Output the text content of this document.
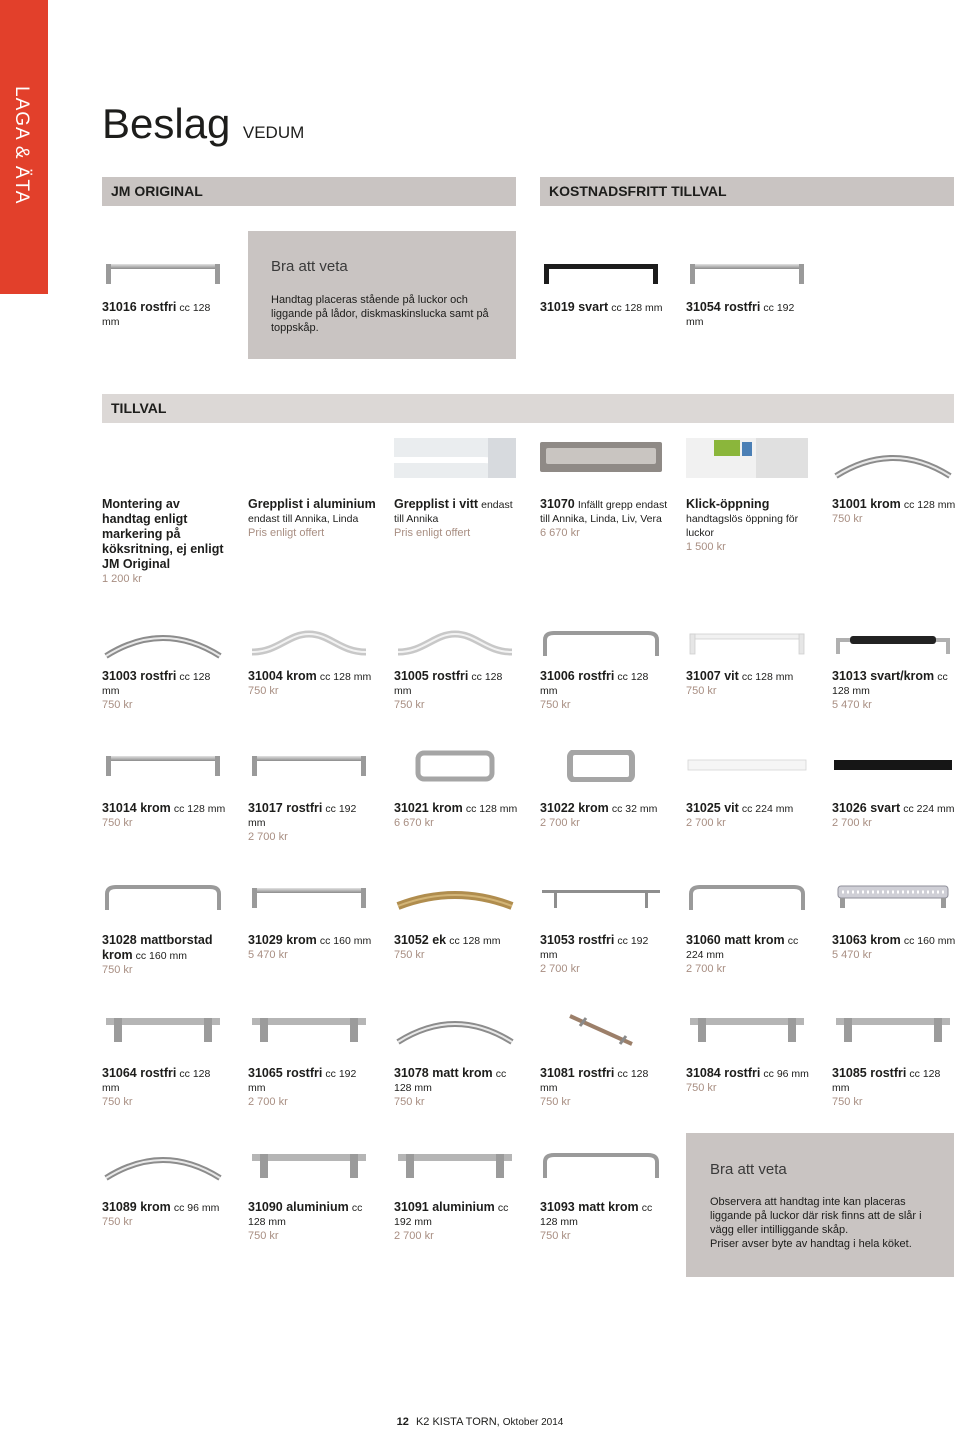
LAGA & ÄTA Beslag VEDUM
JM ORIGINAL	KOSTNADSFRITT TILLVAL
TILLVAL
Bra att veta
Handtag placeras stående på luckor och liggande på lådor, diskmaskinslucka samt på toppskåp.
Bra att veta
Observera att handtag inte kan placeras liggande på luckor där risk finns att de slår i vägg eller intilliggande skåp.
Priser avser byte av handtag i hela köket.
31016 rostfri cc 128 mm
31019 svart cc 128 mm	31054 rostfri cc 192 mm
Montering av handtag enligt markering på köksritning, ej enligt JM Original
1 200 kr
Grepplist i aluminium endast till Annika, Linda
Pris enligt offert
Grepplist i vitt endast till Annika
Pris enligt offert
31070 Infällt grepp endast till Annika, Linda, Liv, Vera
6 670 kr
Klick-öppning handtagslös öppning för luckor
1 500 kr
31001 krom cc 128 mm
750 kr
31003 rostfri cc 128 mm
750 kr
31004 krom cc 128 mm
750 kr
31005 rostfri cc 128 mm
750 kr
31006 rostfri cc 128 mm
750 kr
31007 vit cc 128 mm
750 kr
31013 svart/krom cc 128 mm
5 470 kr
31014 krom cc 128 mm
750 kr
31017 rostfri cc 192 mm
2 700 kr
31021 krom cc 128 mm
6 670 kr
31022 krom cc 32 mm
2 700 kr
31025 vit cc 224 mm
2 700 kr
31026 svart cc 224 mm
2 700 kr
31028 mattborstad krom cc 160 mm
750 kr
31029 krom cc 160 mm
5 470 kr
31052 ek cc 128 mm
750 kr
31053 rostfri cc 192 mm
2 700 kr
31060 matt krom cc 224 mm
2 700 kr
31063 krom cc 160 mm
5 470 kr
31064 rostfri cc 128 mm
750 kr
31065 rostfri cc 192 mm
2 700 kr
31078 matt krom cc 128 mm
750 kr
31081 rostfri cc 128 mm
750 kr
31084 rostfri cc 96 mm
750 kr
31085 rostfri cc 128 mm
750 kr
31089 krom cc 96 mm
750 kr
31090 aluminium cc 128 mm
750 kr
31091 aluminium cc 192 mm
2 700 kr
31093 matt krom cc 128 mm
750 kr
12 K2 KISTA TORN, Oktober 2014
